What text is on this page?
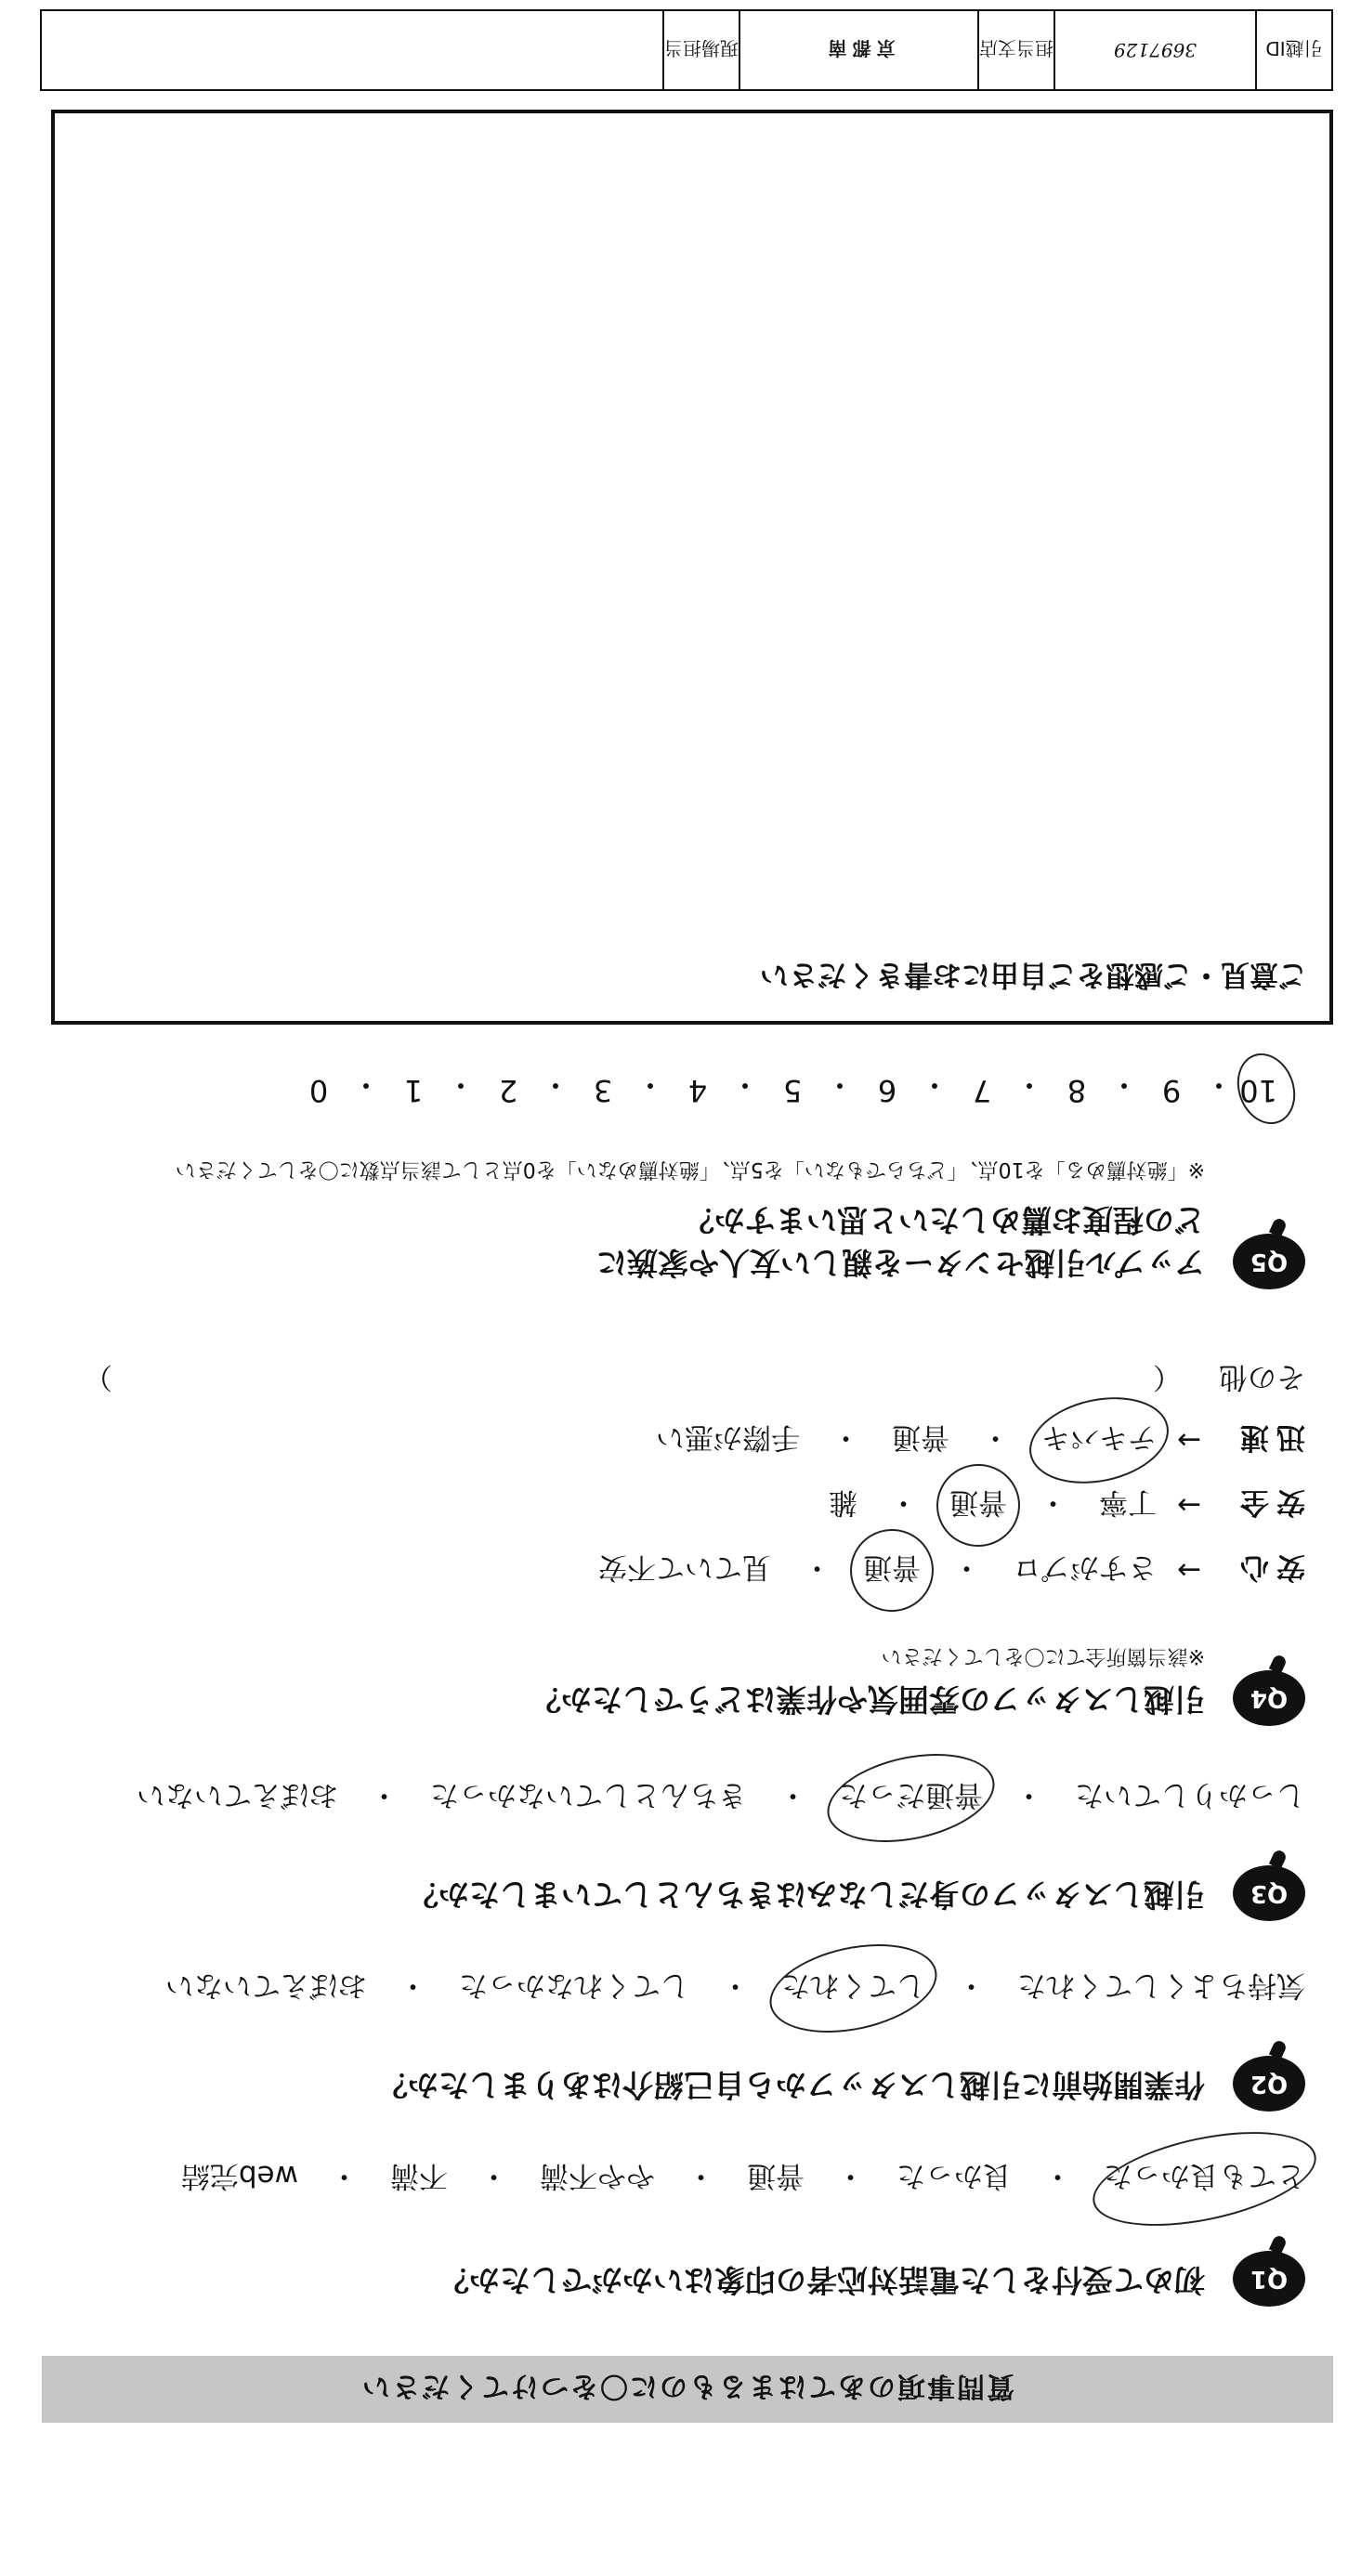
質問事項のあてはまるものに〇をつけてください
Q1
初めて受付をした電話対応者の印象はいかがでしたか？
とても良かった
・
良かった
・
普通
・
やや不満
・
不満
・
web完結
Q2
作業開始前に引越しスタッフから自己紹介はありましたか？
気持ちよくしてくれた
・
してくれた
・
してくれなかった
・
おぼえていない
Q3
引越しスタッフの身だしなみはきちんとしていましたか？
しっかりしていた
・
普通だった
・
きちんとしていなかった
・
おぼえていない
Q4
引越しスタッフの雰囲気や作業はどうでしたか？
※該当箇所全てに〇をしてください
安心
→
さすがプロ
・
普通
・
見ていて不安
安全
→
丁寧
・
普通
・
雑
迅速
→
テキパキ
・
普通
・
手際が悪い
その他
（
）
Q5
アップル引越センターを親しい友人や家族に
どの程度お薦めしたいと思いますか？
※「絶対薦める」を10点、「どちらでもない」を5点、「絶対薦めない」を0点として該当点数に〇をしてください
10
・
9
・
8
・
7
・
6
・
5
・
4
・
3
・
2
・
1
・
0
ご意見・ご感想をご自由にお書きください
引越ID
3697129
担当支店
京都南
現場担当
